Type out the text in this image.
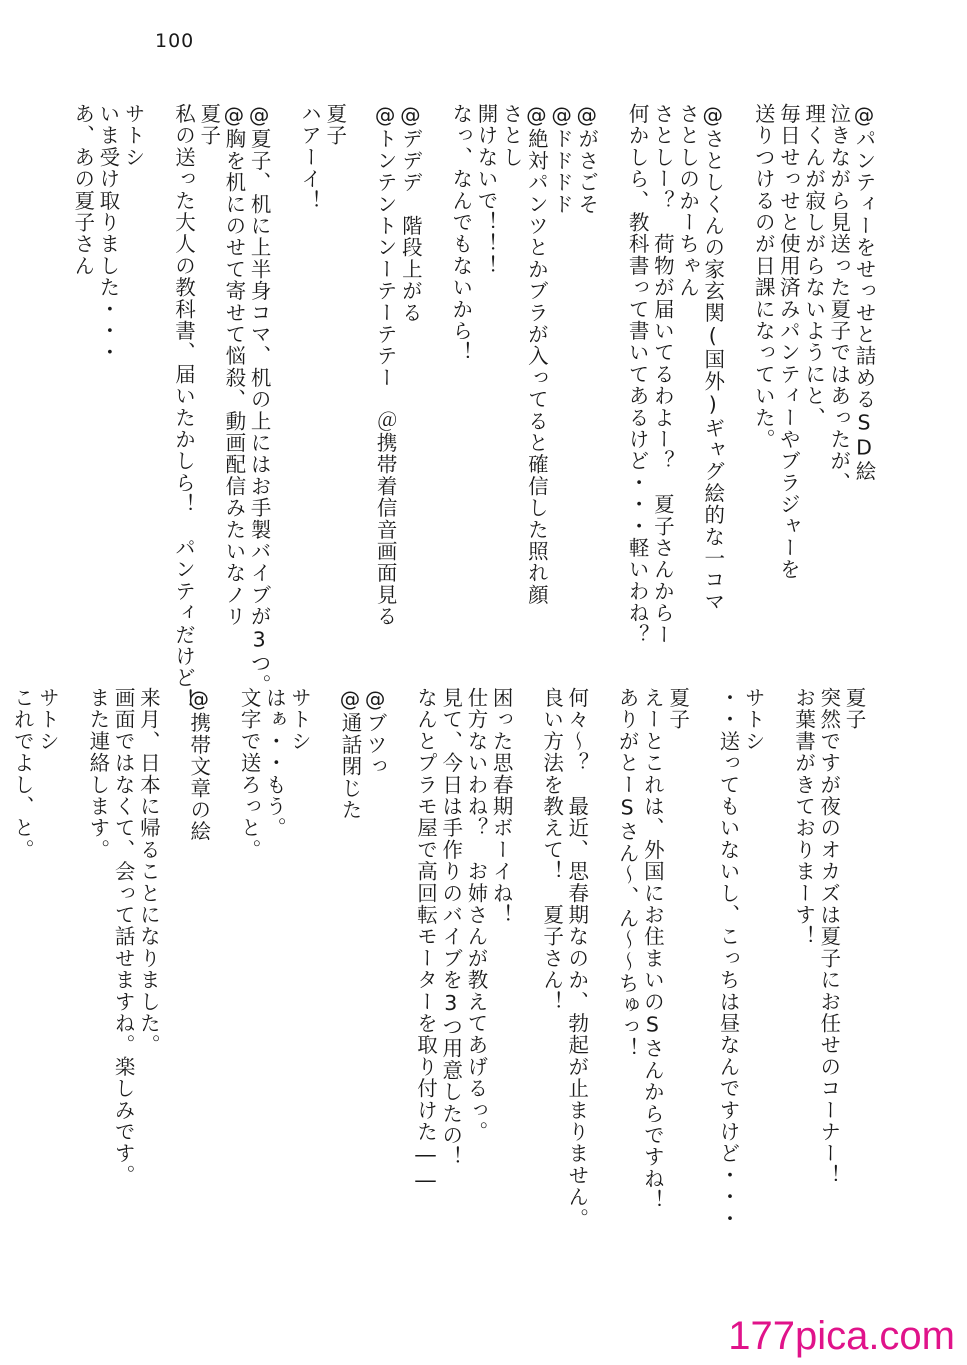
100
@パンティーをせっせと詰めるSD絵
泣きながら見送った夏子ではあったが、
理くんが寂しがらないようにと、
毎日せっせと使用済みパンティーやブラジャーを
送りつけるのが日課になっていた。

@さとしくんの家玄関(国外)ギャグ絵的な一コマ
さとしのかーちゃん
さとしー？　荷物が届いてるわよー？　夏子さんからー
何かしら、教科書って書いてあるけど・・・軽いわね？

@がさごそ
@ドドドド
@絶対パンツとかブラが入ってると確信した照れ顔
さとし
開けないで！！！
なっ、なんでもないから！

@デデデ　階段上がる
@トンテントンーテーテテー　＠携帯着信音画面見る

夏子
ハアーイ！

@夏子、机に上半身コマ、机の上にはお手製バイブが3つ。
@胸を机にのせて寄せて悩殺、動画配信みたいなノリ
夏子
私の送った大人の教科書、届いたかしら！　パンティだけど！

サトシ
いま受け取りました・・・
あ、あの夏子さん
夏子
突然ですが夜のオカズは夏子にお任せのコーナー！
お葉書がきておりまーす！

サトシ
・・送ってもいないし、こっちは昼なんですけど・・・

夏子
えーとこれは、外国にお住まいのSさんからですね！
ありがとーSさん～、ん～～ちゅっ！

何々～？　最近、思春期なのか、勃起が止まりません。
良い方法を教えて！　夏子さん！

困った思春期ボーイね！
仕方ないわね？　お姉さんが教えてあげるっ。
見て、今日は手作りのバイブを3つ用意したの！
なんとプラモ屋で高回転モーターを取り付けた――

@ブツっ
@通話閉じた

サトシ
はぁ・・もう。
文字で送ろっと。

@携帯文章の絵

来月、日本に帰ることになりました。
画面ではなくて、会って話せますね。楽しみです。
また連絡します。

サトシ
これでよし、と。
177pica.com
